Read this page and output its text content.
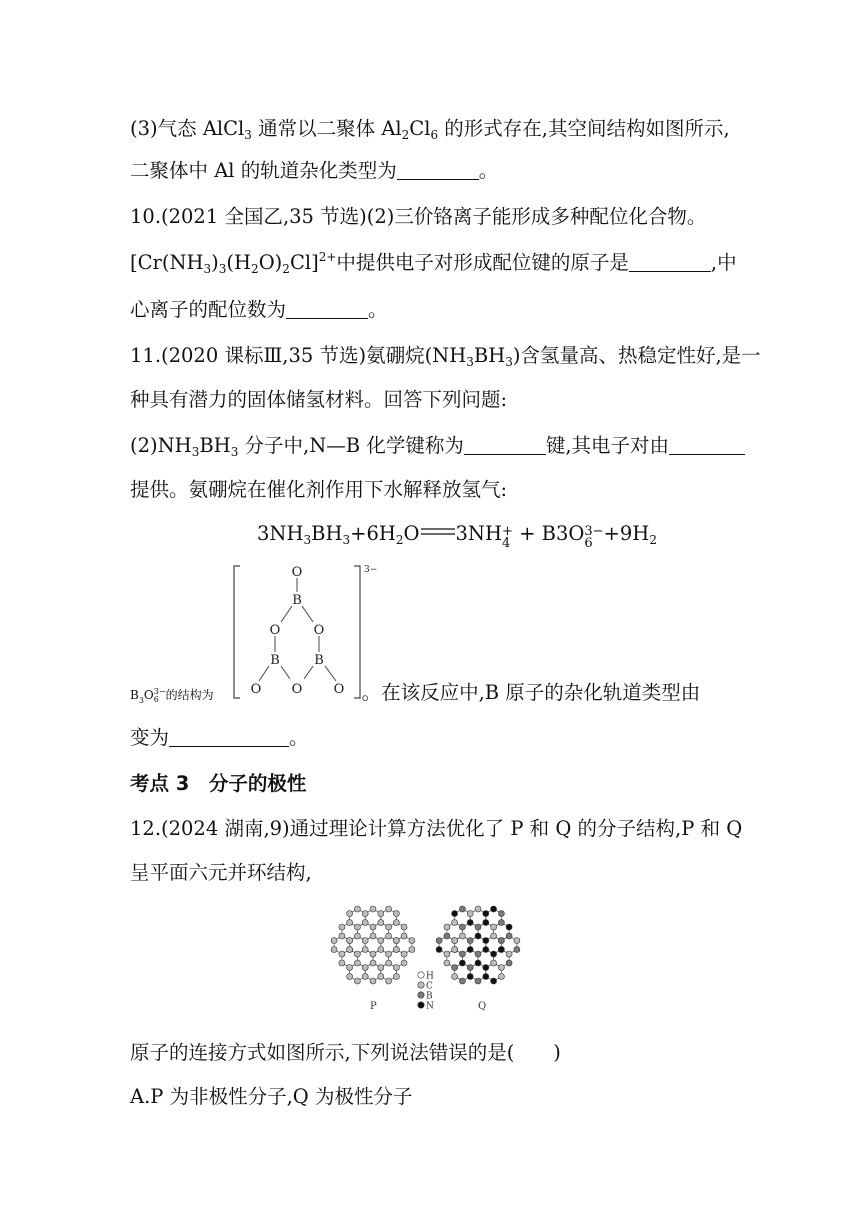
(3)气态 AlCl$_3$ 通常以二聚体 $Al_2Cl_6$ 的形式存在,其空间结构如图所示,
二聚体中 Al 的轨道杂化类型为	。
10.(2021 全国乙,35 节选)(2)三价铬离子能形成多种配位化合物。
$[Cr(NH_3)_3(H_2O)_2Cl]^{2+}$中提供电子对形成配位键的原子是	,中
心离子的配位数为	。
11.(2020 课标Ⅲ,35 节选)氨硼烷$(NH_3BH_3)$含氢量高、热稳定性好,是一
种具有潜力的固体储氢材料。回答下列问题:
$(2)NH_3BH_3$ 分子中,N—B 化学键称为	键,其电子对由
提供。氨硼烷在催化剂作用下水解释放氢气:
$3NH_3BH_3+6H_2O$ 3NH +
4 + B3O 3−
$6 +9H_2$
3−
O
B
O	O
B	B
O O O
$B_3O$ 3−
6 的结构为	。在该反应中,B 原子的杂化轨道类型由
变为	。
考点 3　分子的极性
12.(2024 湖南,9)通过理论计算方法优化了 P 和 Q 的分子结构,P 和 Q
呈平面六元并环结构,
P	Q
H
C
B
N
原子的连接方式如图所示,下列说法错误的是(　　)
A.P 为非极性分子,Q 为极性分子
